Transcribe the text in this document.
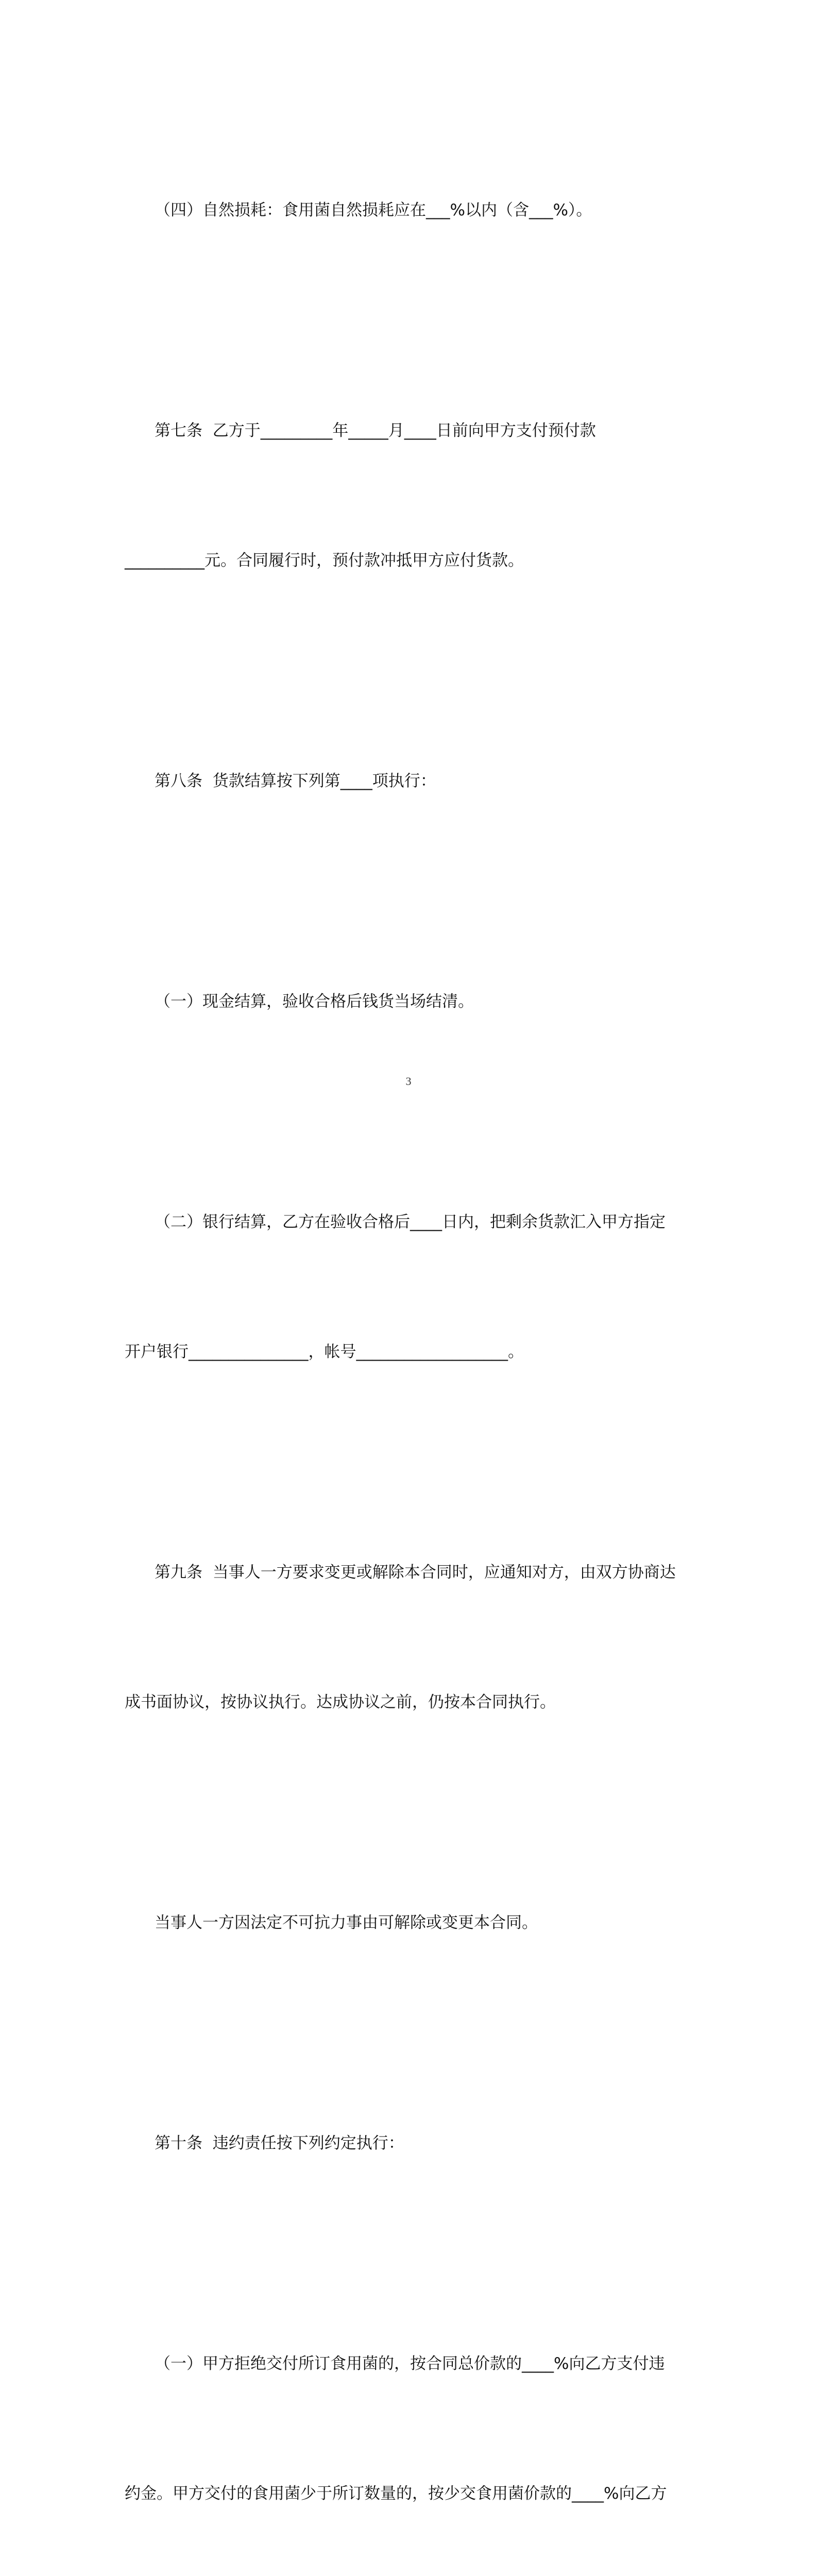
（四）自然损耗：食用菌自然损耗应在___%以内（含___%）。

第七条  乙方于_________年_____月____日前向甲方支付预付款

__________元。合同履行时，预付款冲抵甲方应付货款。

第八条  货款结算按下列第____项执行：

（一）现金结算，验收合格后钱货当场结清。

（二）银行结算，乙方在验收合格后____日内，把剩余货款汇入甲方指定

开户银行_______________，帐号___________________。

第九条  当事人一方要求变更或解除本合同时，应通知对方，由双方协商达

成书面协议，按协议执行。达成协议之前，仍按本合同执行。

当事人一方因法定不可抗力事由可解除或变更本合同。

第十条  违约责任按下列约定执行：

（一）甲方拒绝交付所订食用菌的，按合同总价款的____%向乙方支付违

约金。甲方交付的食用菌少于所订数量的，按少交食用菌价款的____%向乙方

3
